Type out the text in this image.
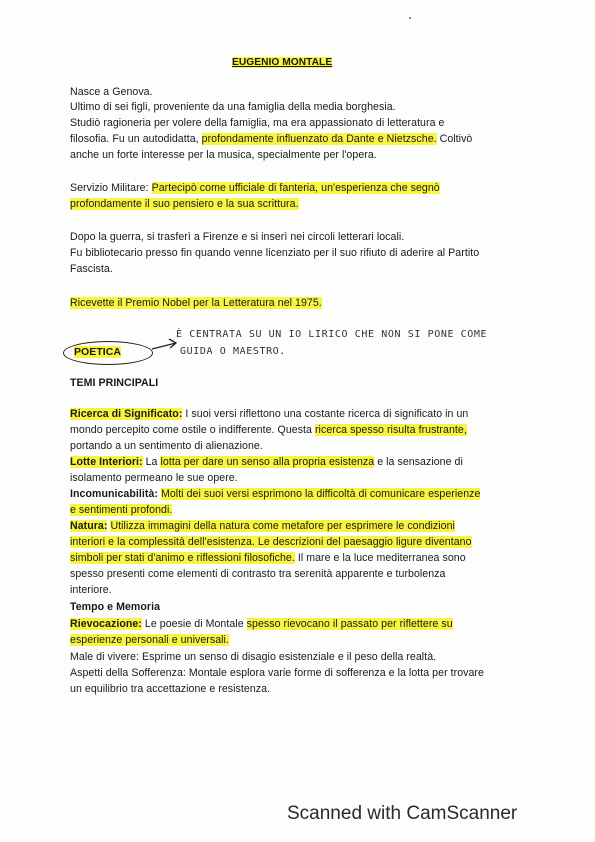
EUGENIO MONTALE
Nasce a Genova.
Ultimo di sei figli, proveniente da una famiglia della media borghesia.
Studiò ragioneria per volere della famiglia, ma era appassionato di letteratura e
filosofia. Fu un autodidatta, profondamente influenzato da Dante e Nietzsche. Coltivò
anche un forte interesse per la musica, specialmente per l'opera.
Servizio Militare: Partecipò come ufficiale di fanteria, un'esperienza che segnò
profondamente il suo pensiero e la sua scrittura.
Dopo la guerra, si trasferì a Firenze e si inserì nei circoli letterari locali.
Fu bibliotecario presso fin quando venne licenziato per il suo rifiuto di aderire al Partito
Fascista.
Ricevette il Premio Nobel per la Letteratura nel 1975.
POETICA
È CENTRATA SU UN IO LIRICO CHE NON SI PONE COME
GUIDA O MAESTRO.
TEMI PRINCIPALI
Ricerca di Significato: I suoi versi riflettono una costante ricerca di significato in un
mondo percepito come ostile o indifferente. Questa ricerca spesso risulta frustrante,
portando a un sentimento di alienazione.
Lotte Interiori: La lotta per dare un senso alla propria esistenza e la sensazione di
isolamento permeano le sue opere.
Incomunicabilità: Molti dei suoi versi esprimono la difficoltà di comunicare esperienze
e sentimenti profondi.
Natura: Utilizza immagini della natura come metafore per esprimere le condizioni
interiori e la complessità dell'esistenza. Le descrizioni del paesaggio ligure diventano
simboli per stati d'animo e riflessioni filosofiche. Il mare e la luce mediterranea sono
spesso presenti come elementi di contrasto tra serenità apparente e turbolenza
interiore.
Tempo e Memoria
Rievocazione: Le poesie di Montale spesso rievocano il passato per riflettere su
esperienze personali e universali.
Male di vivere: Esprime un senso di disagio esistenziale e il peso della realtà.
Aspetti della Sofferenza: Montale esplora varie forme di sofferenza e la lotta per trovare
un equilibrio tra accettazione e resistenza.
Scanned with CamScanner
